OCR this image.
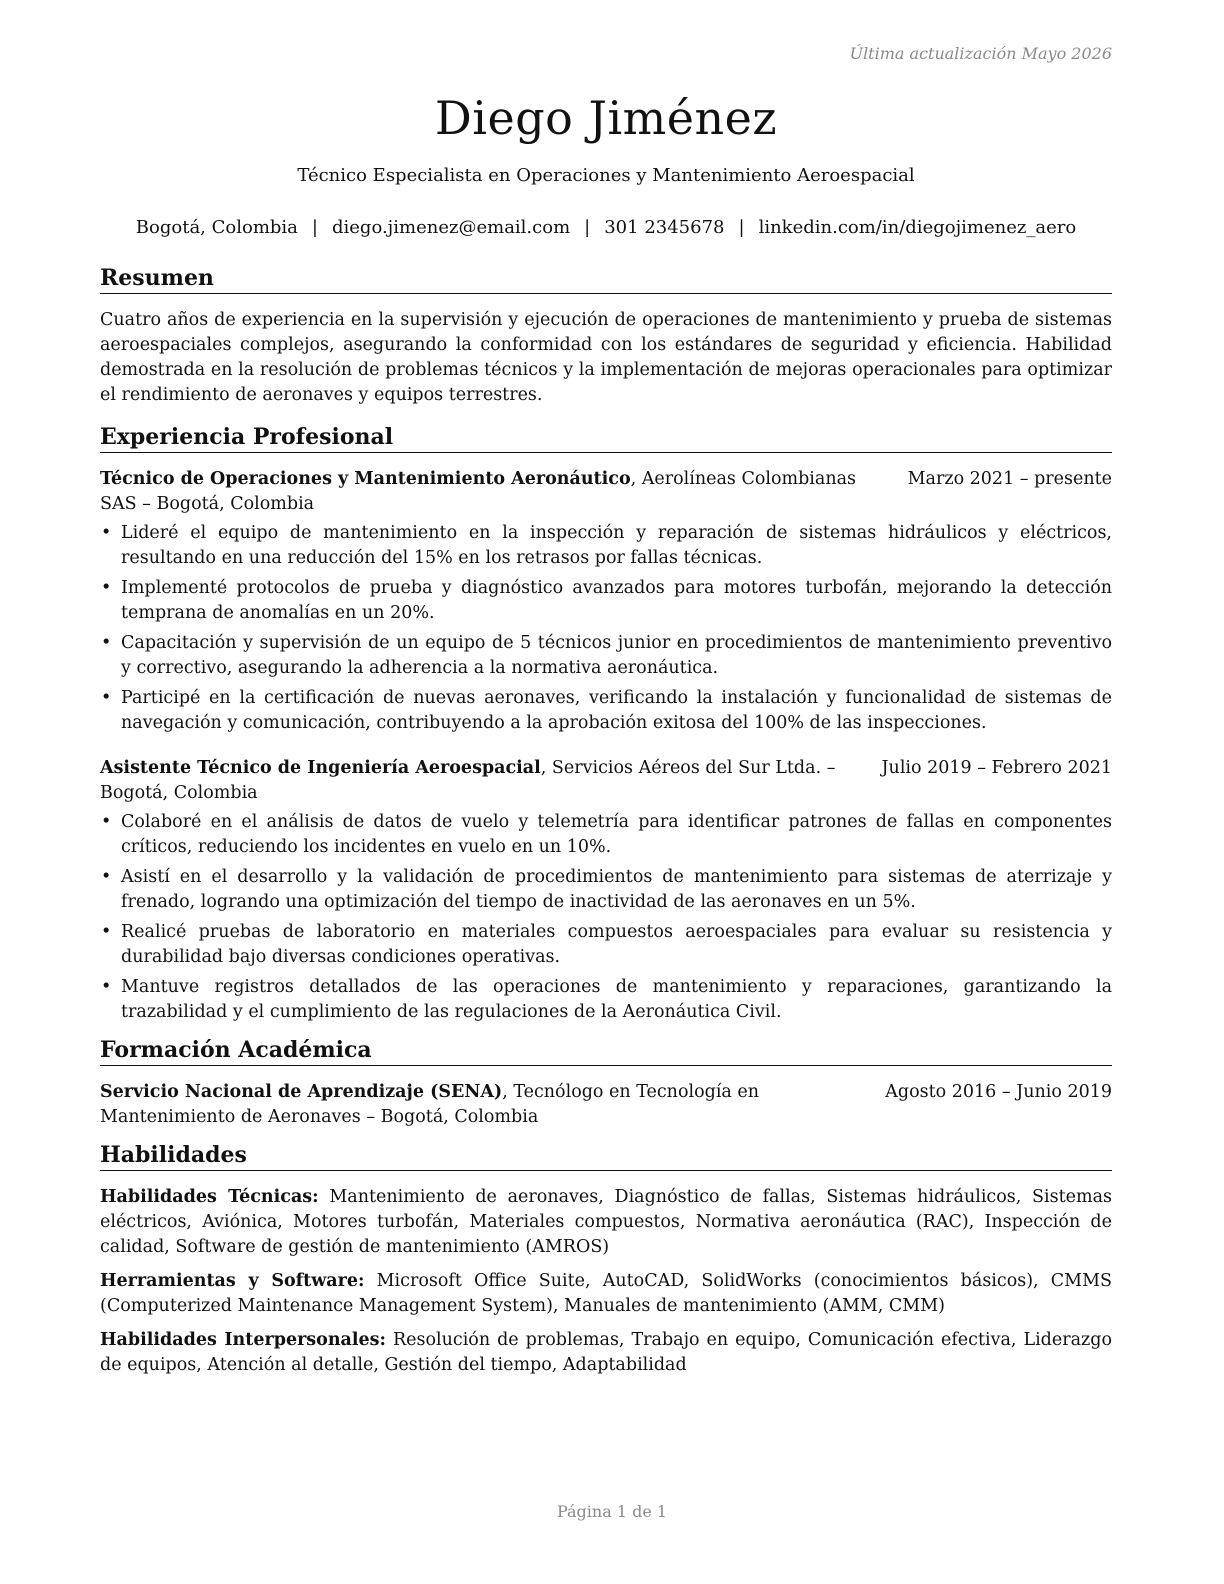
Última actualización Mayo 2026
Diego Jiménez
Técnico Especialista en Operaciones y Mantenimiento Aeroespacial
Bogotá, Colombia | diego.jimenez@email.com | 301 2345678 | linkedin.com/in/diegojimenez_aero
Resumen
Cuatro años de experiencia en la supervisión y ejecución de operaciones de mantenimiento y prueba de sistemas aeroespaciales complejos, asegurando la conformidad con los estándares de seguridad y eficiencia. Habilidad demostrada en la resolución de problemas técnicos y la implementación de mejoras operacionales para optimizar el rendimiento de aeronaves y equipos terrestres.
Experiencia Profesional
Técnico de Operaciones y Mantenimiento Aeronáutico, Aerolíneas Colombianas SAS – Bogotá, Colombia
Marzo 2021 – presente
• Lideré el equipo de mantenimiento en la inspección y reparación de sistemas hidráulicos y eléctricos, resultando en una reducción del 15% en los retrasos por fallas técnicas.
• Implementé protocolos de prueba y diagnóstico avanzados para motores turbofán, mejorando la detección temprana de anomalías en un 20%.
• Capacitación y supervisión de un equipo de 5 técnicos junior en procedimientos de mantenimiento preventivo y correctivo, asegurando la adherencia a la normativa aeronáutica.
• Participé en la certificación de nuevas aeronaves, verificando la instalación y funcionalidad de sistemas de navegación y comunicación, contribuyendo a la aprobación exitosa del 100% de las inspecciones.
Asistente Técnico de Ingeniería Aeroespacial, Servicios Aéreos del Sur Ltda. – Bogotá, Colombia
Julio 2019 – Febrero 2021
• Colaboré en el análisis de datos de vuelo y telemetría para identificar patrones de fallas en componentes críticos, reduciendo los incidentes en vuelo en un 10%.
• Asistí en el desarrollo y la validación de procedimientos de mantenimiento para sistemas de aterrizaje y frenado, logrando una optimización del tiempo de inactividad de las aeronaves en un 5%.
• Realicé pruebas de laboratorio en materiales compuestos aeroespaciales para evaluar su resistencia y durabilidad bajo diversas condiciones operativas.
• Mantuve registros detallados de las operaciones de mantenimiento y reparaciones, garantizando la trazabilidad y el cumplimiento de las regulaciones de la Aeronáutica Civil.
Formación Académica
Servicio Nacional de Aprendizaje (SENA), Tecnólogo en Tecnología en Mantenimiento de Aeronaves – Bogotá, Colombia
Agosto 2016 – Junio 2019
Habilidades
Habilidades Técnicas: Mantenimiento de aeronaves, Diagnóstico de fallas, Sistemas hidráulicos, Sistemas eléctricos, Aviónica, Motores turbofán, Materiales compuestos, Normativa aeronáutica (RAC), Inspección de calidad, Software de gestión de mantenimiento (AMROS)
Herramientas y Software: Microsoft Office Suite, AutoCAD, SolidWorks (conocimientos básicos), CMMS (Computerized Maintenance Management System), Manuales de mantenimiento (AMM, CMM)
Habilidades Interpersonales: Resolución de problemas, Trabajo en equipo, Comunicación efectiva, Liderazgo de equipos, Atención al detalle, Gestión del tiempo, Adaptabilidad
Página 1 de 1
